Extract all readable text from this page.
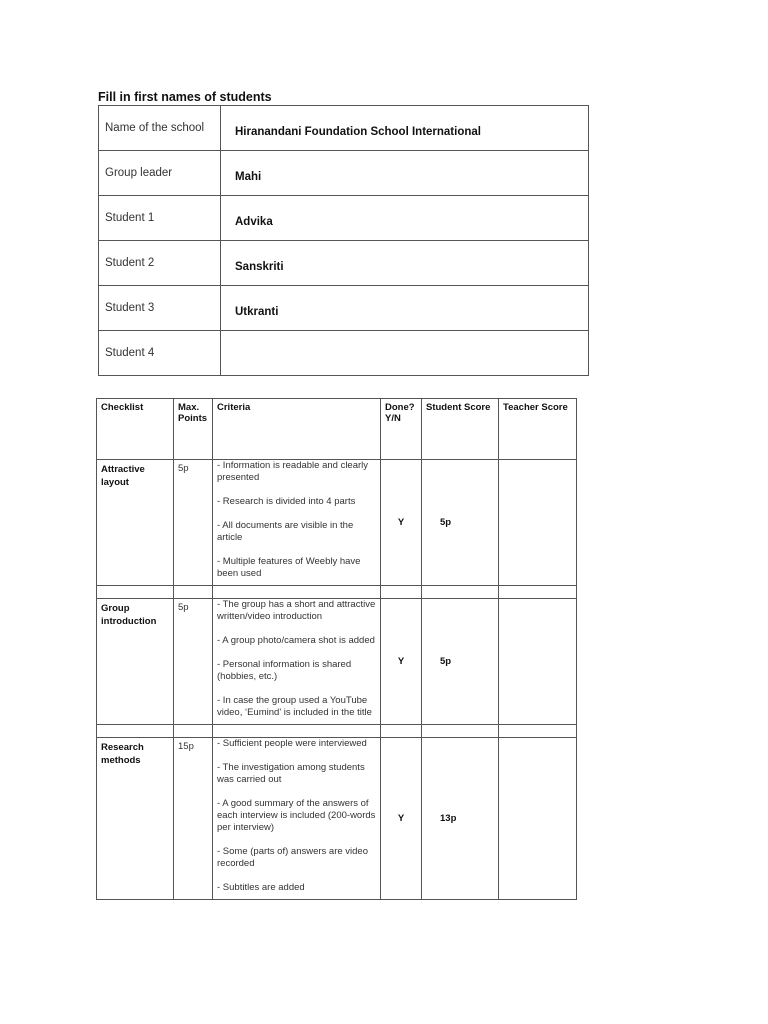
Fill in first names of students
Name of the school	Hiranandani Foundation School International
Group leader	Mahi
Student 1	Advika
Student 2	Sanskriti
Student 3	Utkranti
Student 4	
Checklist	Max. Points	Criteria	Done? Y/N	Student Score	Teacher Score
Attractive layout	5p	- Information is readable and clearly presented

- Research is divided into 4 parts

- All documents are visible in the article

- Multiple features of Weebly have been used	Y	5p	

Group introduction	5p	- The group has a short and attractive written/video introduction

- A group photo/camera shot is added

- Personal information is shared (hobbies, etc.)

- In case the group used a YouTube video, ‘Eumind’ is included in the title	Y	5p	

Research methods	15p	- Sufficient people were interviewed

- The investigation among students was carried out

- A good summary of the answers of each interview is included (200-words per interview)

- Some (parts of) answers are video recorded

- Subtitles are added	Y	13p	
